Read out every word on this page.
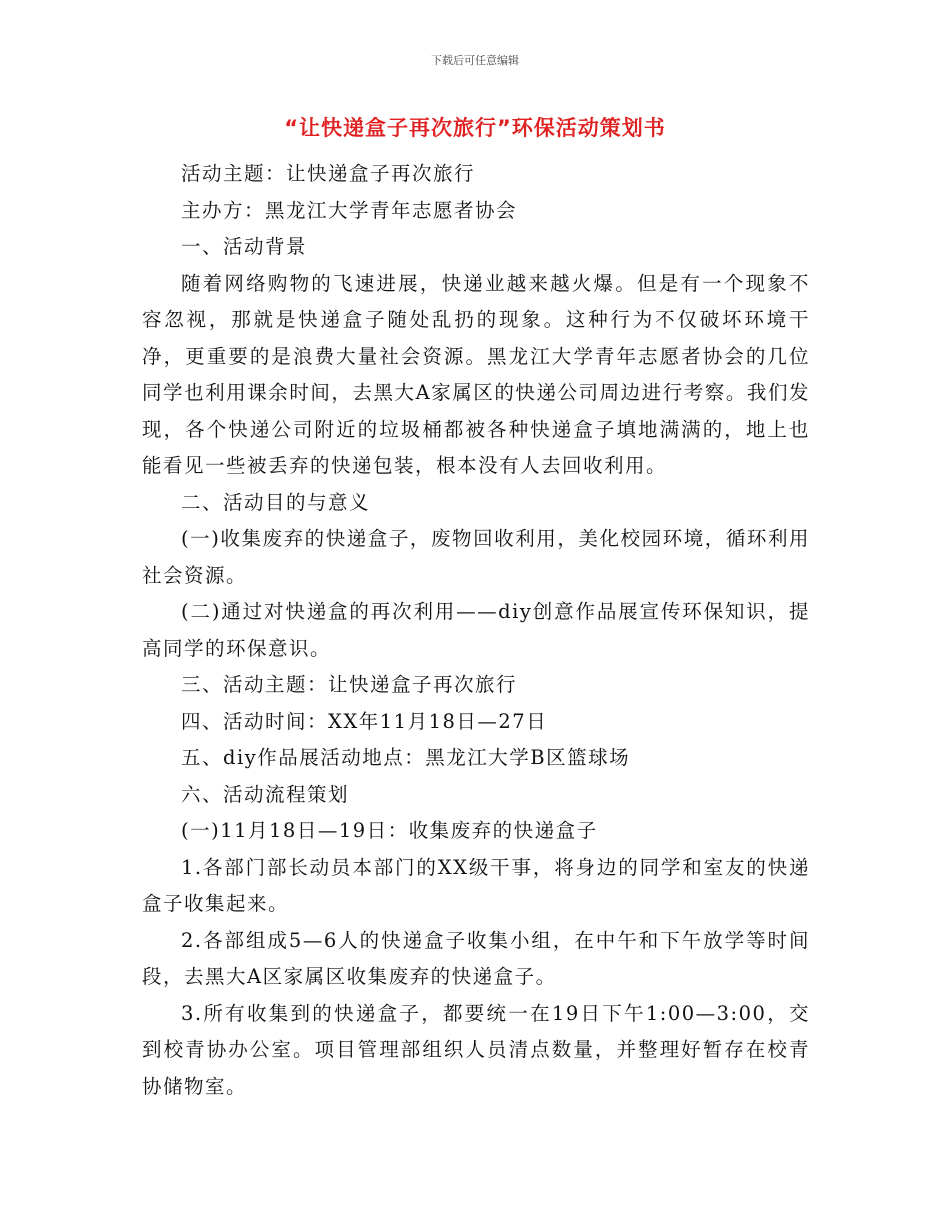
下载后可任意编辑
“让快递盒子再次旅行”环保活动策划书

活动主题：让快递盒子再次旅行

主办方：黑龙江大学青年志愿者协会

一、活动背景

随着网络购物的飞速进展，快递业越来越火爆。但是有一个现象不容忽视，那就是快递盒子随处乱扔的现象。这种行为不仅破坏环境干净，更重要的是浪费大量社会资源。黑龙江大学青年志愿者协会的几位同学也利用课余时间，去黑大A家属区的快递公司周边进行考察。我们发现，各个快递公司附近的垃圾桶都被各种快递盒子填地满满的，地上也能看见一些被丢弃的快递包装，根本没有人去回收利用。

二、活动目的与意义

(一)收集废弃的快递盒子，废物回收利用，美化校园环境，循环利用社会资源。

(二)通过对快递盒的再次利用——diy创意作品展宣传环保知识，提高同学的环保意识。

三、活动主题：让快递盒子再次旅行

四、活动时间：XX年11月18日—27日

五、diy作品展活动地点：黑龙江大学B区篮球场

六、活动流程策划

(一)11月18日—19日：收集废弃的快递盒子

1.各部门部长动员本部门的XX级干事，将身边的同学和室友的快递盒子收集起来。

2.各部组成5—6人的快递盒子收集小组，在中午和下午放学等时间段，去黑大A区家属区收集废弃的快递盒子。

3.所有收集到的快递盒子，都要统一在19日下午1:00—3:00，交到校青协办公室。项目管理部组织人员清点数量，并整理好暂存在校青协储物室。
